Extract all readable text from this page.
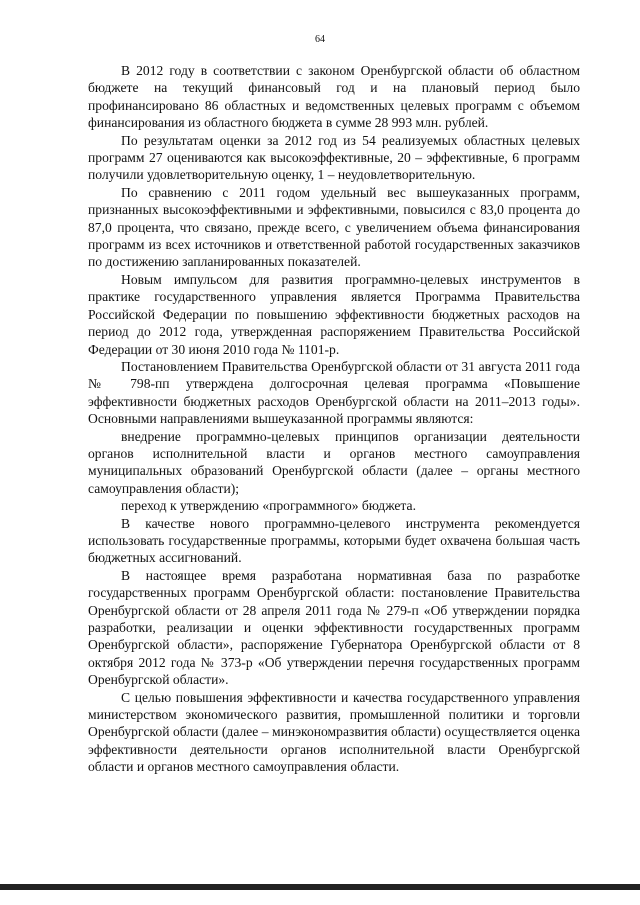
64

В 2012 году в соответствии с законом Оренбургской области об областном бюджете на текущий финансовый год и на плановый период было профинансировано 86 областных и ведомственных целевых программ с объемом финансирования из областного бюджета в сумме 28 993 млн. рублей.

По результатам оценки за 2012 год из 54 реализуемых областных целевых программ 27 оцениваются как высокоэффективные, 20 – эффективные, 6 программ получили удовлетворительную оценку, 1 – неудовлетворительную.

По сравнению с 2011 годом удельный вес вышеуказанных программ, признанных высокоэффективными и эффективными, повысился с 83,0 процента до 87,0 процента, что связано, прежде всего, с увеличением объема финансирования программ из всех источников и ответственной работой государственных заказчиков по достижению запланированных показателей.

Новым импульсом для развития программно-целевых инструментов в практике государственного управления является Программа Правительства Российской Федерации по повышению эффективности бюджетных расходов на период до 2012 года, утвержденная распоряжением Правительства Российской Федерации от 30 июня 2010 года № 1101-р.

Постановлением Правительства Оренбургской области от 31 августа 2011 года № 798-пп утверждена долгосрочная целевая программа «Повышение эффективности бюджетных расходов Оренбургской области на 2011–2013 годы». Основными направлениями вышеуказанной программы являются:

внедрение программно-целевых принципов организации деятельности органов исполнительной власти и органов местного самоуправления муниципальных образований Оренбургской области (далее – органы местного самоуправления области);

переход к утверждению «программного» бюджета.

В качестве нового программно-целевого инструмента рекомендуется использовать государственные программы, которыми будет охвачена большая часть бюджетных ассигнований.

В настоящее время разработана нормативная база по разработке государственных программ Оренбургской области: постановление Правительства Оренбургской области от 28 апреля 2011 года № 279-п «Об утверждении порядка разработки, реализации и оценки эффективности государственных программ Оренбургской области», распоряжение Губернатора Оренбургской области от 8 октября 2012 года № 373-р «Об утверждении перечня государственных программ Оренбургской области».

С целью повышения эффективности и качества государственного управления министерством экономического развития, промышленной политики и торговли Оренбургской области (далее – минэкономразвития области) осуществляется оценка эффективности деятельности органов исполнительной власти Оренбургской области и органов местного самоуправления области.
